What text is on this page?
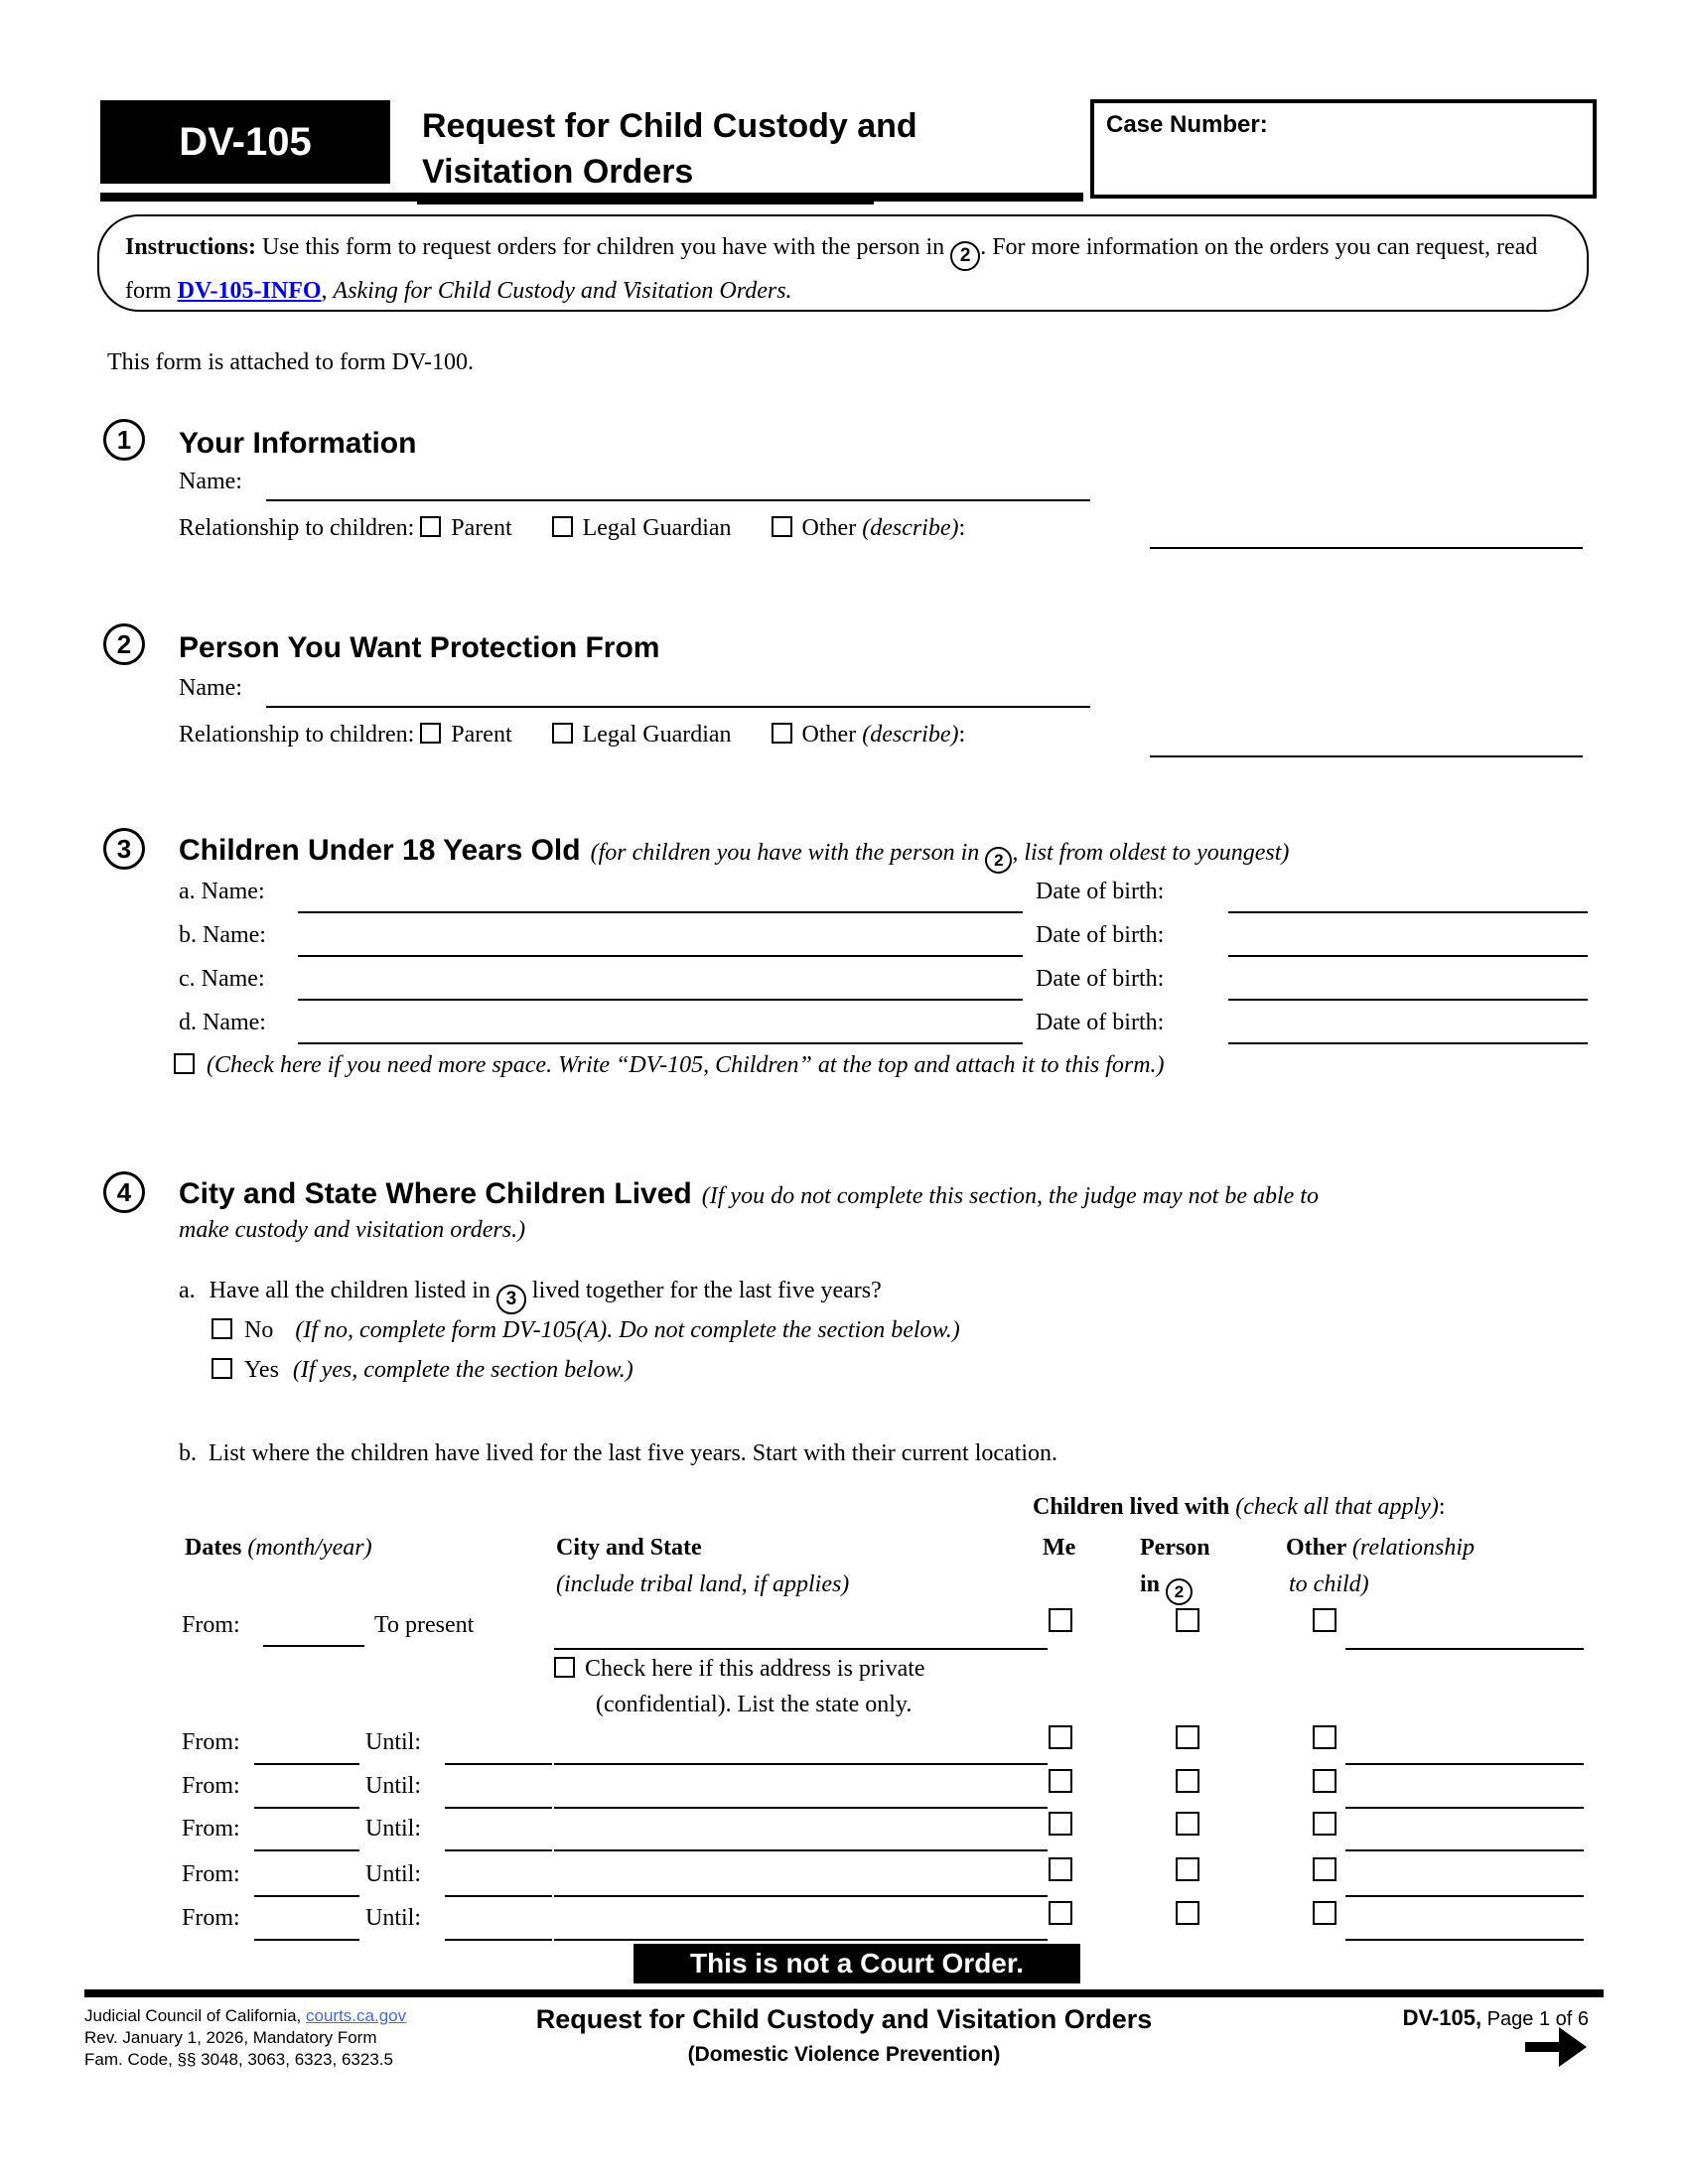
DV-105	Request for Child Custody and
Visitation Orders
Case Number:
Instructions: Use this form to request orders for children you have with the person in 2 . For more information on the orders you can request, read form DV-105-INFO, Asking for Child Custody and Visitation Orders.
This form is attached to form DV-100.
1 Your Information
Name:
Relationship to children: Parent	Legal Guardian	Other (describe):
2 Person You Want Protection From
Name:
Relationship to children: Parent	Legal Guardian	Other (describe):
3 Children Under 18 Years Old (for children you have with the person in 2 , list from oldest to youngest)
a. Name:	Date of birth:
b. Name:	Date of birth:
c. Name:	Date of birth:
d. Name:	Date of birth:
(Check here if you need more space. Write “DV-105, Children” at the top and attach it to this form.)
4 City and State Where Children Lived (If you do not complete this section, the judge may not be able to
make custody and visitation orders.)
a. Have all the children listed in 3 lived together for the last five years?
No (If no, complete form DV-105(A). Do not complete the section below.)
Yes (If yes, complete the section below.)
b. List where the children have lived for the last five years. Start with their current location.
Children lived with (check all that apply):
Dates (month/year)	City and State
(include tribal land, if applies)
Me	Person
in 2
Other (relationship
to child)
From:	To present
Check here if this address is private
(confidential). List the state only.
From:	Until:
From:	Until:
From:	Until:
From:	Until:
From:	Until:
This is not a Court Order.
Judicial Council of California, courts.ca.gov
Rev. January 1, 2026, Mandatory Form
Fam. Code, §§ 3048, 3063, 6323, 6323.5
Request for Child Custody and Visitation Orders
(Domestic Violence Prevention)
DV-105, Page 1 of 6
